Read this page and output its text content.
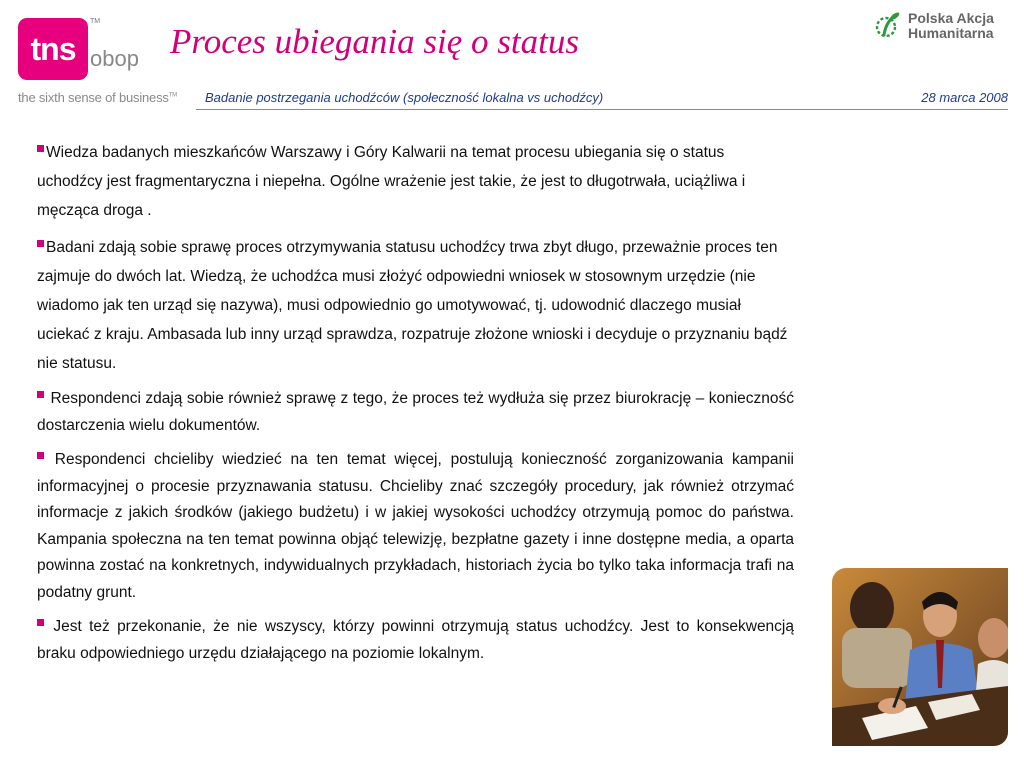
tns
TM
obop
the sixth sense of business™
Proces ubiegania się o status
Polska Akcja
Humanitarna
Badanie postrzegania uchodźców (społeczność lokalna vs uchodźcy)	28 marca 2008

Wiedza badanych mieszkańców Warszawy i Góry Kalwarii na temat procesu ubiegania się o status uchodźcy jest fragmentaryczna i niepełna. Ogólne wrażenie jest takie, że jest to długotrwała, uciążliwa i męcząca droga .

Badani zdają sobie sprawę proces otrzymywania statusu uchodźcy trwa zbyt długo, przeważnie proces ten zajmuje do dwóch lat. Wiedzą, że uchodźca musi złożyć odpowiedni wniosek w stosownym urzędzie (nie wiadomo jak ten urząd się nazywa), musi odpowiednio go umotywować, tj. udowodnić dlaczego musiał uciekać z kraju. Ambasada lub inny urząd sprawdza, rozpatruje złożone wnioski i decyduje o przyznaniu bądź nie statusu.

Respondenci zdają sobie również sprawę z tego, że proces też wydłuża się przez biurokrację – konieczność dostarczenia wielu dokumentów.

Respondenci chcieliby wiedzieć na ten temat więcej, postulują konieczność zorganizowania kampanii informacyjnej o procesie przyznawania statusu. Chcieliby znać szczegóły procedury, jak również otrzymać informacje z jakich środków (jakiego budżetu) i w jakiej wysokości uchodźcy otrzymują pomoc do państwa. Kampania społeczna na ten temat powinna objąć telewizję, bezpłatne gazety i inne dostępne media, a oparta powinna zostać na konkretnych, indywidualnych przykładach, historiach życia bo tylko taka informacja trafi na podatny grunt.

Jest też przekonanie, że nie wszyscy, którzy powinni otrzymują status uchodźcy. Jest to konsekwencją braku odpowiedniego urzędu działającego na poziomie lokalnym.
